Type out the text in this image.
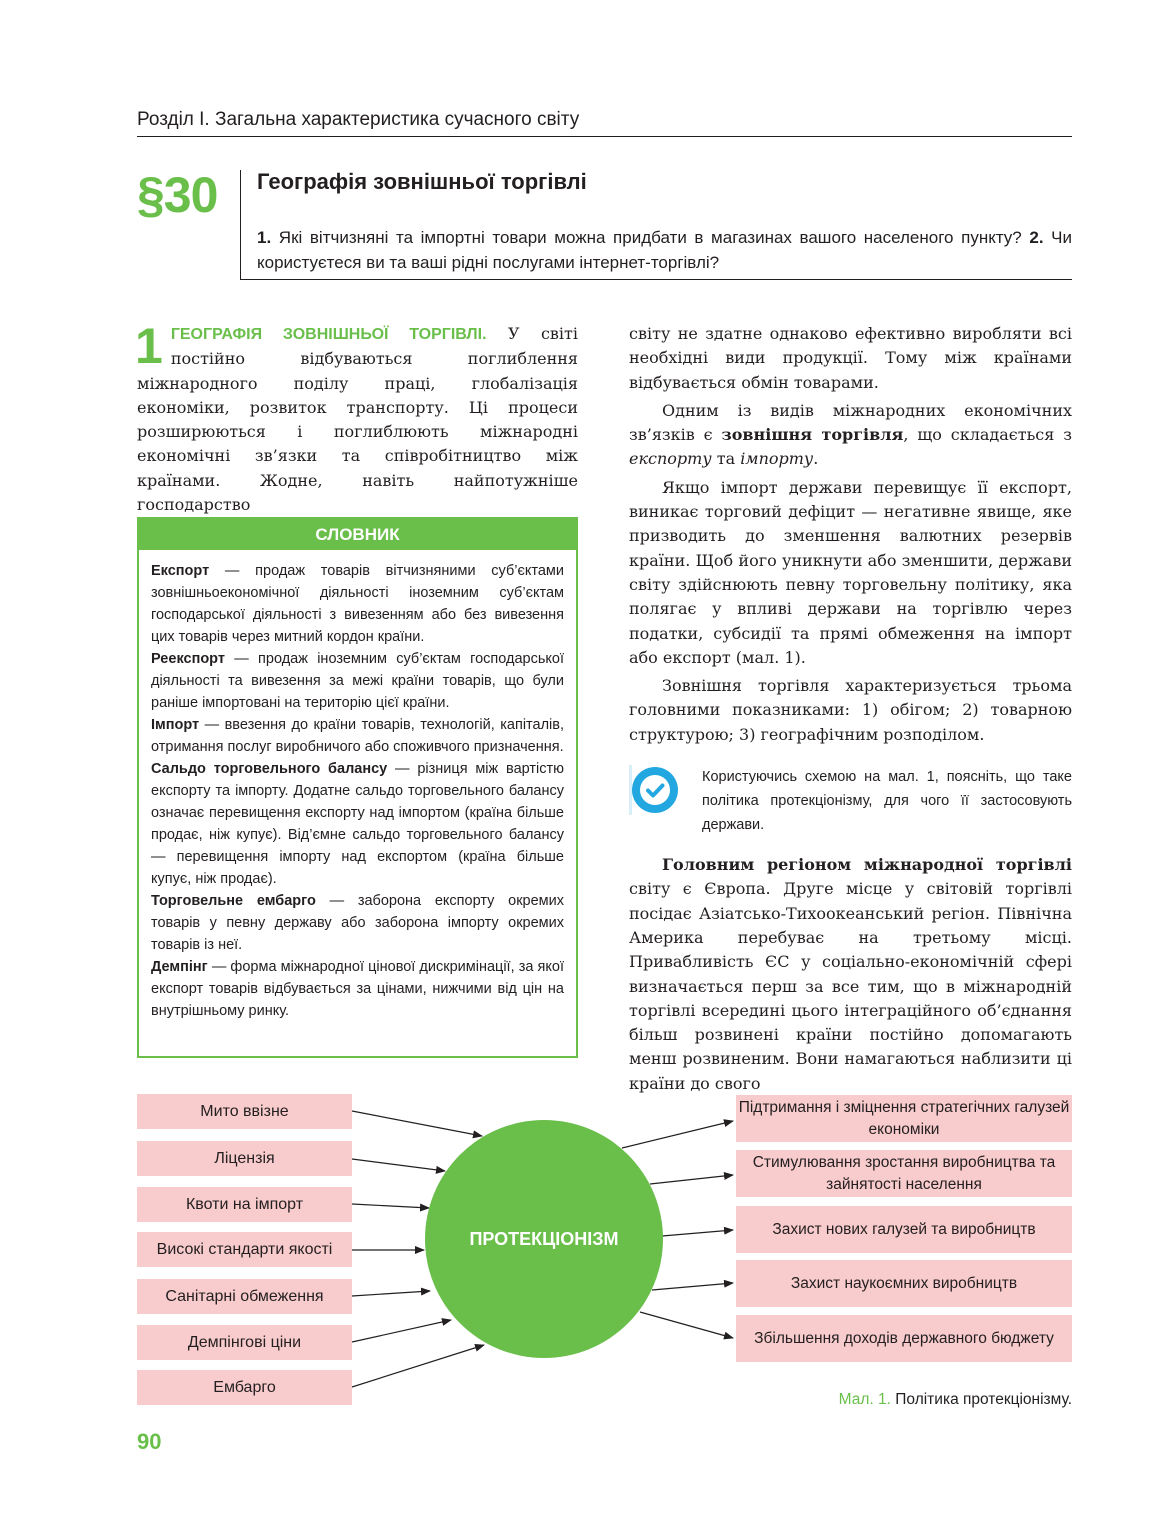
Розділ І. Загальна характеристика сучасного світу
§30	Географія зовнішньої торгівлі
1. Які вітчизняні та імпортні товари можна придбати в магазинах вашого населеного пункту? 2. Чи користуєтеся ви та ваші рідні послугами інтернет-торгівлі?

1 ГЕОГРАФІЯ ЗОВНІШНЬОЇ ТОРГІВЛІ. У світі постійно відбуваються поглиблення міжнародного поділу праці, глобалізація економіки, розвиток транспорту. Ці процеси розширюються і поглиблюють міжнародні економічні зв’язки та співробітництво між країнами. Жодне, навіть найпотужніше господарство

СЛОВНИК

Експорт — продаж товарів вітчизняними суб’єктами зовнішньоекономічної діяльності іноземним суб’єктам господарської діяльності з вивезенням або без вивезення цих товарів через митний кордон країни.

Реекспорт — продаж іноземним суб’єктам господарської діяльності та вивезення за межі країни товарів, що були раніше імпортовані на територію цієї країни.

Імпорт — ввезення до країни товарів, технологій, капіталів, отримання послуг виробничого або споживчого призначення.

Сальдо торговельного балансу — різниця між вартістю експорту та імпорту. Додатне сальдо торговельного балансу означає перевищення експорту над імпортом (країна більше продає, ніж купує). Від’ємне сальдо торговельного балансу — перевищення імпорту над експортом (країна більше купує, ніж продає).

Торговельне ембарго — заборона експорту окремих товарів у певну державу або заборона імпорту окремих товарів із неї.

Демпінг — форма міжнародної цінової дискримінації, за якої експорт товарів відбувається за цінами, нижчими від цін на внутрішньому ринку.

світу не здатне однаково ефективно виробляти всі необхідні види продукції. Тому між країнами відбувається обмін товарами.

Одним із видів міжнародних економічних зв’язків є зовнішня торгівля, що складається з експорту та імпорту.

Якщо імпорт держави перевищує її експорт, виникає торговий дефіцит — негативне явище, яке призводить до зменшення валютних резервів країни. Щоб його уникнути або зменшити, держави світу здійснюють певну торговельну політику, яка полягає у впливі держави на торгівлю через податки, субсидії та прямі обмеження на імпорт або експорт (мал. 1).

Зовнішня торгівля характеризується трьома головними показниками: 1) обігом; 2) товарною структурою; 3) географічним розподілом.

Користуючись схемою на мал. 1, поясніть, що таке політика протекціонізму, для чого її застосовують держави.

Головним регіоном міжнародної торгівлі світу є Європа. Друге місце у світовій торгівлі посідає Азіатсько-Тихоокеанський регіон. Північна Америка перебуває на третьому місці. Привабливість ЄС у соціально-економічній сфері визначається перш за все тим, що в міжнародній торгівлі всередині цього інтеграційного об’єднання більш розвинені країни постійно допомагають менш розвиненим. Вони намагаються наблизити ці країни до свого

Мито ввізне
Ліцензія
Квоти на імпорт
Високі стандарти якості
Санітарні обмеження
Демпінгові ціни
Ембарго
ПРОТЕКЦІОНІЗМ
Підтримання і зміцнення стратегічних галузей економіки
Стимулювання зростання виробництва та зайнятості населення
Захист нових галузей та виробництв
Захист наукоємних виробництв
Збільшення доходів державного бюджету
Мал. 1. Політика протекціонізму.
90
